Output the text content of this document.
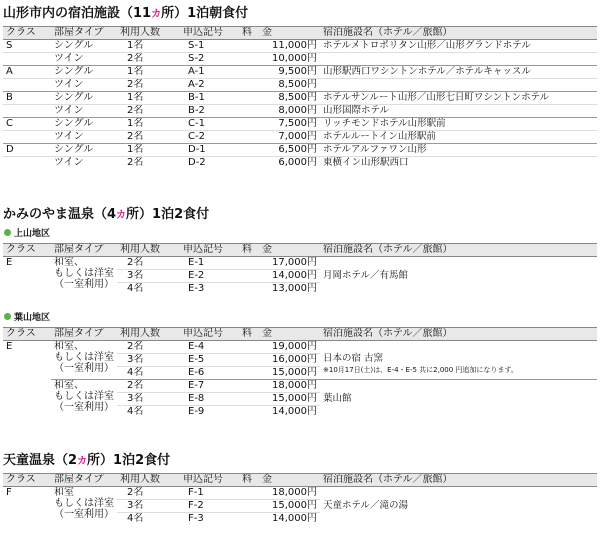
山形市内の宿泊施設（11カ所）1泊朝食付
クラス	部屋タイプ	利用人数	申込記号	料　金	宿泊施設名（ホテル／旅館）
S	シングル	1名	S-1	11,000円	ホテルメトロポリタン山形／山形グランドホテル
	ツイン	2名	S-2	10,000円	
A	シングル	1名	A-1	9,500円	山形駅西口ワシントンホテル／ホテルキャッスル
	ツイン	2名	A-2	8,500円	
B	シングル	1名	B-1	8,500円	ホテルサンルート山形／山形七日町ワシントンホテル
	ツイン	2名	B-2	8,000円	山形国際ホテル
C	シングル	1名	C-1	7,500円	リッチモンドホテル山形駅前
	ツイン	2名	C-2	7,000円	ホテルルートイン山形駅前
D	シングル	1名	D-1	6,500円	ホテルアルファワン山形
	ツイン	2名	D-2	6,000円	東横イン山形駅西口
かみのやま温泉（4カ所）1泊2食付
上山地区
クラス	部屋タイプ	利用人数	申込記号	料　金	宿泊施設名（ホテル／旅館）
E	和室、
もしくは洋室
（一室利用）	2名	E-1	17,000円	月岡ホテル／有馬館
		3名	E-2	14,000円	
		4名	E-3	13,000円	
葉山地区
クラス	部屋タイプ	利用人数	申込記号	料　金	宿泊施設名（ホテル／旅館）
E	和室、
もしくは洋室
（一室利用）	2名	E-4	19,000円	日本の宿 古窯
※10月17日(土)は、E-4・E-5 共に2,000 円追加になります。

		3名	E-5	16,000円	
		4名	E-6	15,000円	
	和室、
もしくは洋室
（一室利用）	2名	E-7	18,000円	葉山館
		3名	E-8	15,000円	
		4名	E-9	14,000円	
天童温泉（2カ所）1泊2食付
クラス	部屋タイプ	利用人数	申込記号	料　金	宿泊施設名（ホテル／旅館）
F	和室
もしくは洋室
（一室利用）	2名	F-1	18,000円	天童ホテル／滝の湯
		3名	F-2	15,000円	
		4名	F-3	14,000円	
